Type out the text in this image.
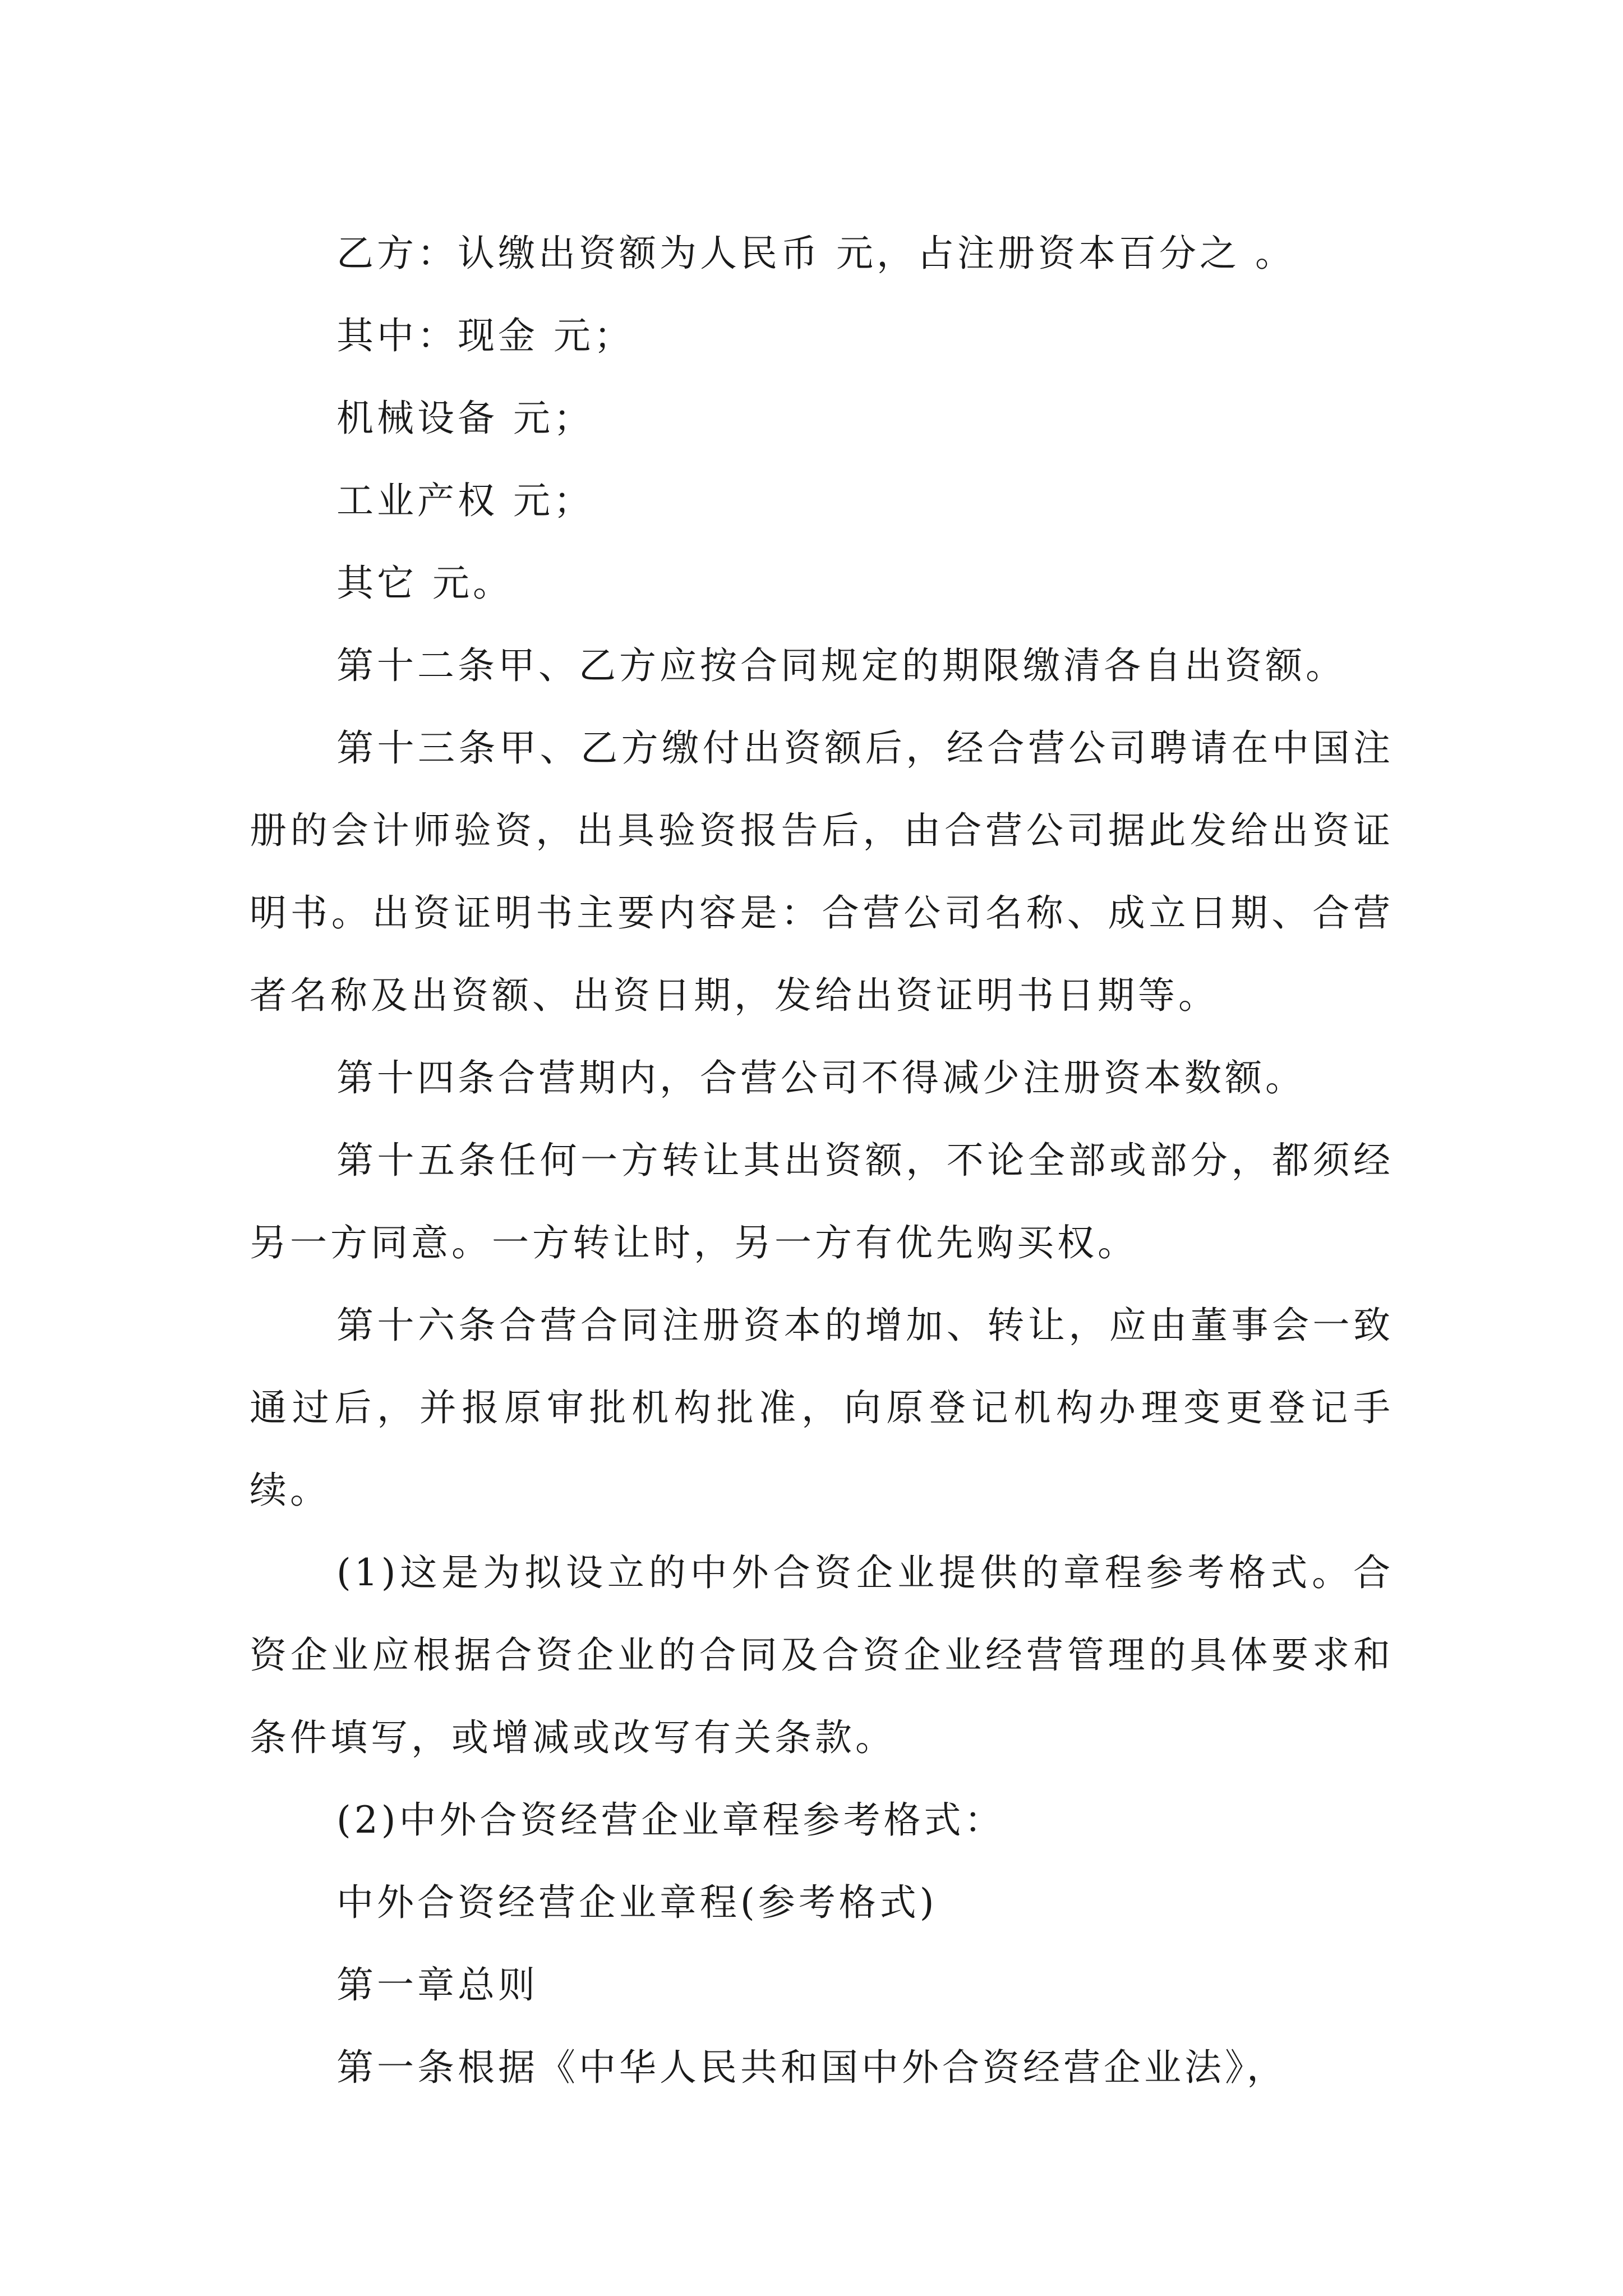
乙方：认缴出资额为人民币 元，占注册资本百分之 。

其中：现金 元；

机械设备 元；

工业产权 元；

其它 元。

第十二条甲、乙方应按合同规定的期限缴清各自出资额。

第十三条甲、乙方缴付出资额后，经合营公司聘请在中国注册的会计师验资，出具验资报告后，由合营公司据此发给出资证明书。出资证明书主要内容是：合营公司名称、成立日期、合营者名称及出资额、出资日期，发给出资证明书日期等。

第十四条合营期内，合营公司不得减少注册资本数额。

第十五条任何一方转让其出资额，不论全部或部分，都须经另一方同意。一方转让时，另一方有优先购买权。

第十六条合营合同注册资本的增加、转让，应由董事会一致通过后，并报原审批机构批准，向原登记机构办理变更登记手续。

(1)这是为拟设立的中外合资企业提供的章程参考格式。合资企业应根据合资企业的合同及合资企业经营管理的具体要求和条件填写，或增减或改写有关条款。

(2)中外合资经营企业章程参考格式：

中外合资经营企业章程(参考格式)

第一章总则

第一条根据《中华人民共和国中外合资经营企业法》，
